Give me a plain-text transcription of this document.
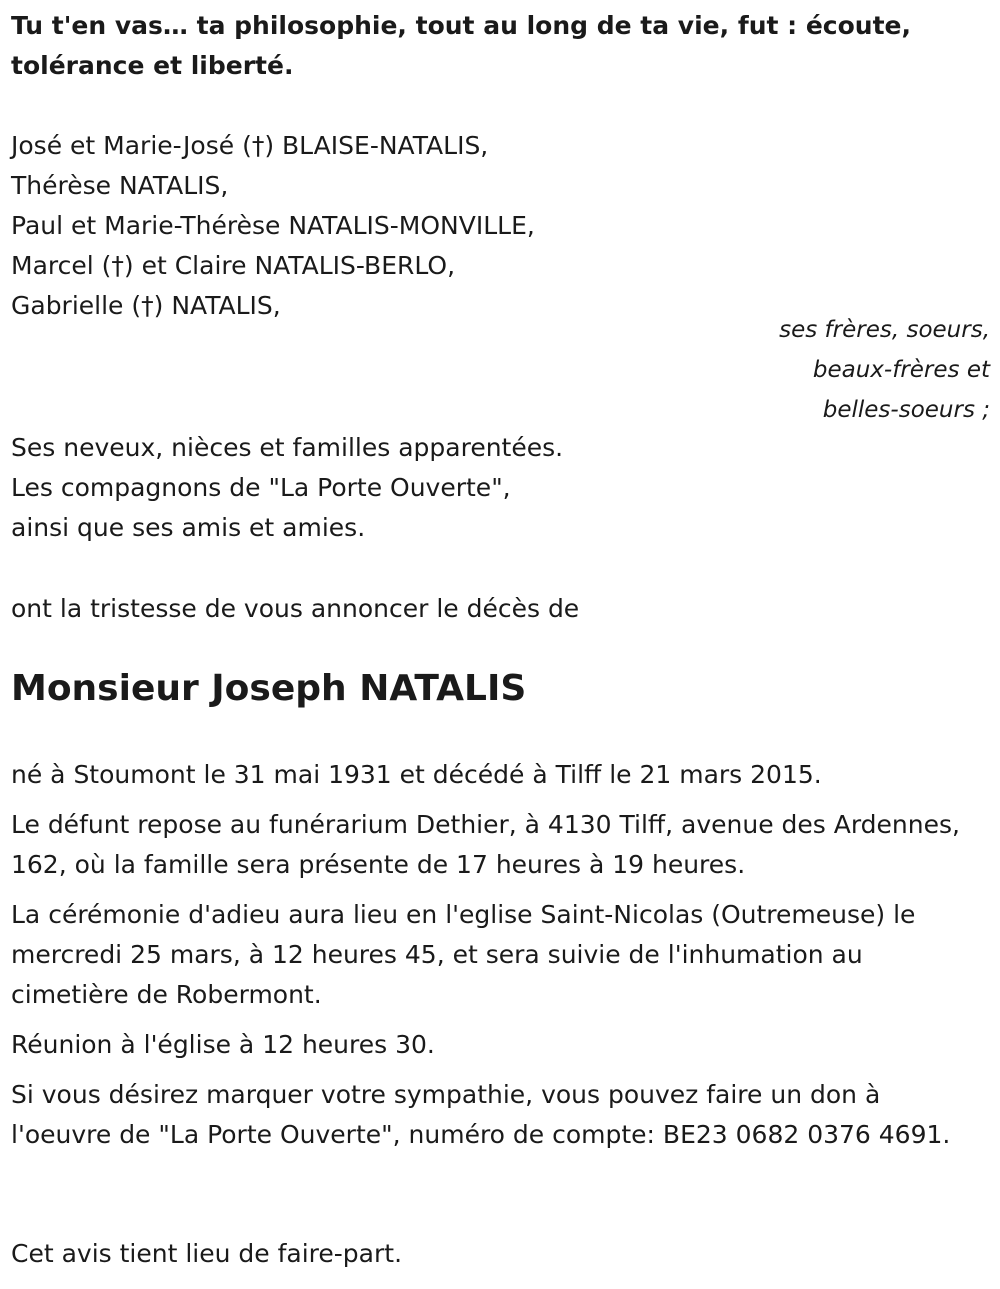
Tu t'en vas… ta philosophie, tout au long de ta vie, fut : écoute, tolérance et liberté.
José et Marie-José (†) BLAISE-NATALIS,
Thérèse NATALIS,
Paul et Marie-Thérèse NATALIS-MONVILLE,
Marcel (†) et Claire NATALIS-BERLO,
Gabrielle (†) NATALIS,
ses frères, soeurs,
beaux-frères et
belles-soeurs ;
Ses neveux, nièces et familles apparentées.
Les compagnons de "La Porte Ouverte",
ainsi que ses amis et amies.
ont la tristesse de vous annoncer le décès de
Monsieur Joseph NATALIS
né à Stoumont le 31 mai 1931 et décédé à Tilff le 21 mars 2015.
Le défunt repose au funérarium Dethier, à 4130 Tilff, avenue des Ardennes, 162, où la famille sera présente de 17 heures à 19 heures.
La cérémonie d'adieu aura lieu en l'eglise Saint-Nicolas (Outremeuse) le mercredi 25 mars, à 12 heures 45, et sera suivie de l'inhumation au cimetière de Robermont.
Réunion à l'église à 12 heures 30.
Si vous désirez marquer votre sympathie, vous pouvez faire un don à l'oeuvre de "La Porte Ouverte", numéro de compte: BE23 0682 0376 4691.
Cet avis tient lieu de faire-part.
